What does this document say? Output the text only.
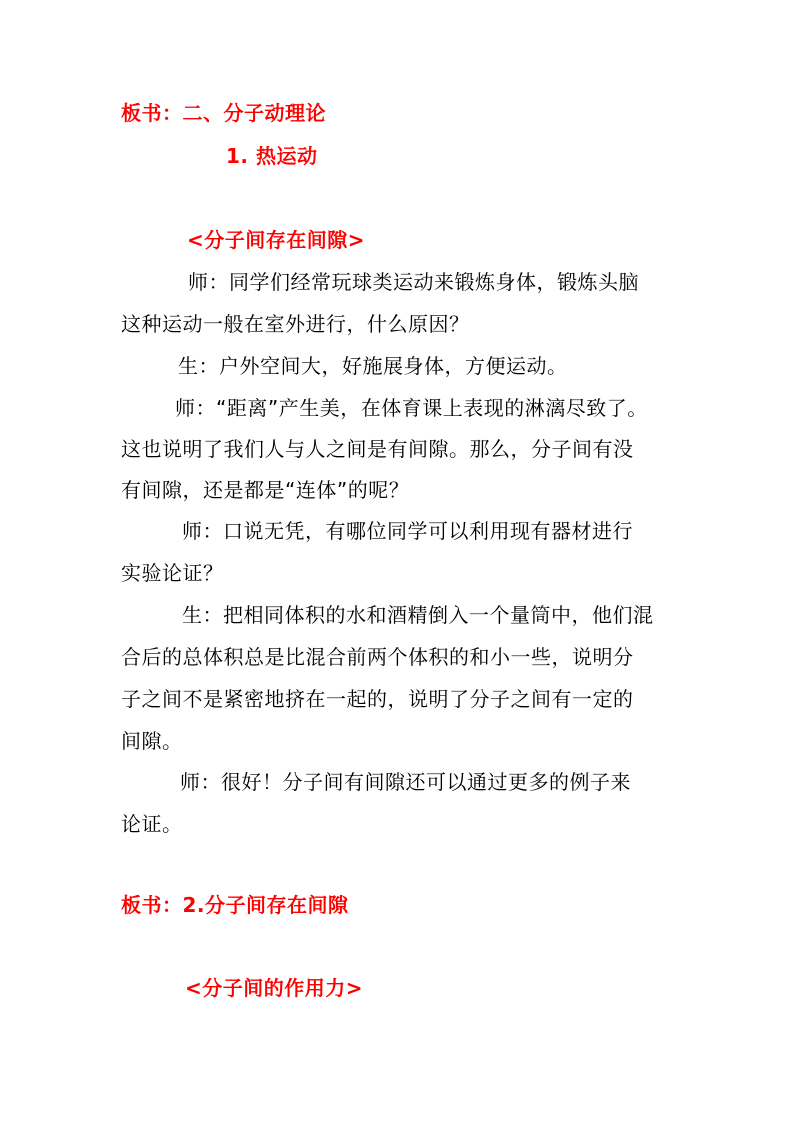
板书：二、分子动理论
1. 热运动
<分子间存在间隙>
师：同学们经常玩球类运动来锻炼身体，锻炼头脑
这种运动一般在室外进行，什么原因？
生：户外空间大，好施展身体，方便运动。
师：“距离”产生美，在体育课上表现的淋漓尽致了。
这也说明了我们人与人之间是有间隙。那么，分子间有没
有间隙，还是都是“连体”的呢？
师：口说无凭，有哪位同学可以利用现有器材进行
实验论证？
生：把相同体积的水和酒精倒入一个量筒中，他们混
合后的总体积总是比混合前两个体积的和小一些，说明分
子之间不是紧密地挤在一起的，说明了分子之间有一定的
间隙。
师：很好！分子间有间隙还可以通过更多的例子来
论证。
板书：2.分子间存在间隙
<分子间的作用力>
